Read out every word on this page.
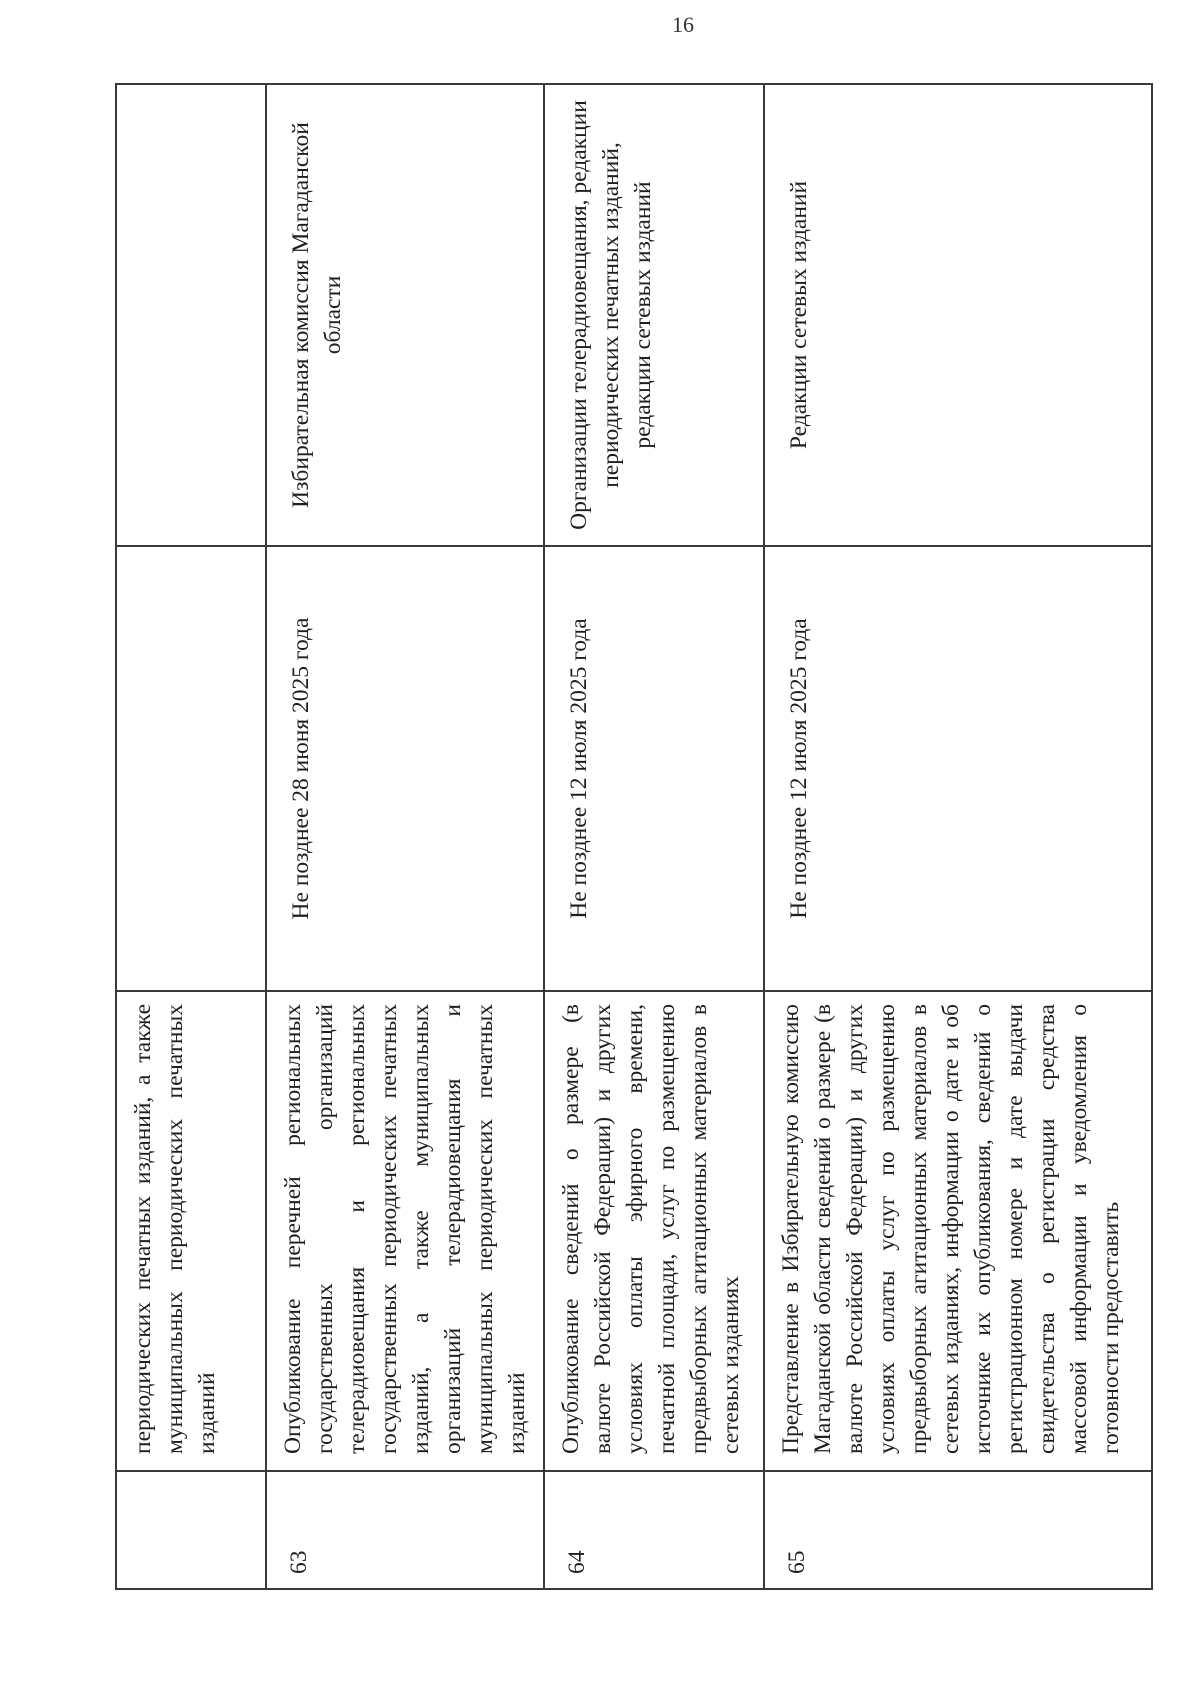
16
	периодических печатных изданий, а также муниципальных периодических печатных изданий		
63	Опубликование перечней региональных государственных организаций телерадиовещания и региональных государственных периодических печатных изданий, а также муниципальных организаций телерадиовещания и муниципальных периодических печатных изданий	Не позднее 28 июня 2025 года	Избирательная комиссия Магаданской области
64	Опубликование сведений о размере (в валюте Российской Федерации) и других условиях оплаты эфирного времени, печатной площади, услуг по размещению предвыборных агитационных материалов в сетевых изданиях	Не позднее 12 июля 2025 года	Организации телерадиовещания, редакции периодических печатных изданий, редакции сетевых изданий
65	Представление в Избирательную комиссию Магаданской области сведений о размере (в валюте Российской Федерации) и других условиях оплаты услуг по размещению предвыборных агитационных материалов в сетевых изданиях, информации о дате и об источнике их опубликования, сведений о регистрационном номере и дате выдачи свидетельства о регистрации средства массовой информации и уведомления о готовности предоставить	Не позднее 12 июля 2025 года	Редакции сетевых изданий
